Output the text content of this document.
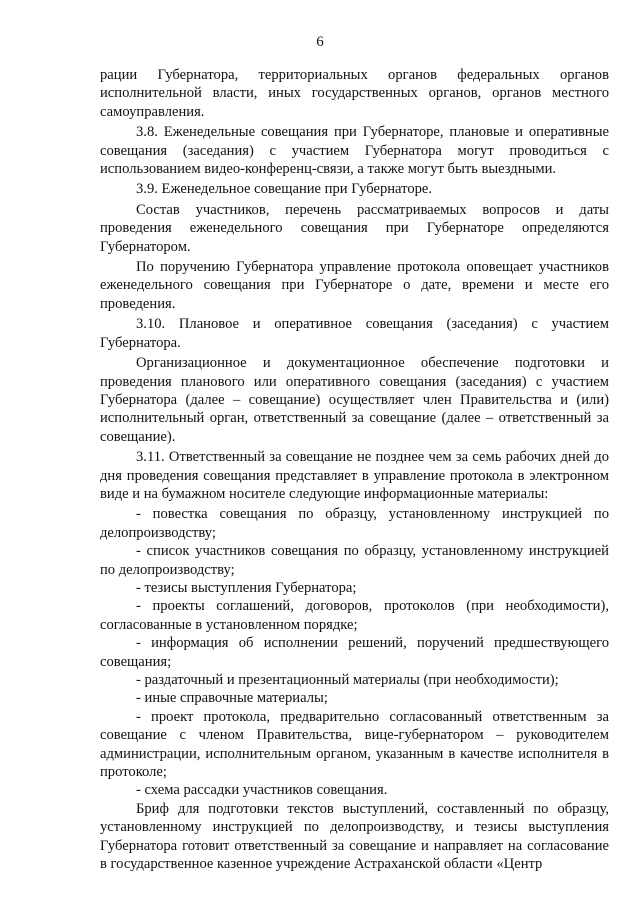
6

рации Губернатора, территориальных органов федеральных органов исполнительной власти, иных государственных органов, органов местного самоуправления.

3.8. Еженедельные совещания при Губернаторе, плановые и оперативные совещания (заседания) с участием Губернатора могут проводиться с использованием видео-конференц-связи, а также могут быть выездными.

3.9. Еженедельное совещание при Губернаторе.

Состав участников, перечень рассматриваемых вопросов и даты проведения еженедельного совещания при Губернаторе определяются Губернатором.

По поручению Губернатора управление протокола оповещает участников еженедельного совещания при Губернаторе о дате, времени и месте его проведения.

3.10. Плановое и оперативное совещания (заседания) с участием Губернатора.

Организационное и документационное обеспечение подготовки и проведения планового или оперативного совещания (заседания) с участием Губернатора (далее – совещание) осуществляет член Правительства и (или) исполнительный орган, ответственный за совещание (далее – ответственный за совещание).

3.11. Ответственный за совещание не позднее чем за семь рабочих дней до дня проведения совещания представляет в управление протокола в электронном виде и на бумажном носителе следующие информационные материалы:

- повестка совещания по образцу, установленному инструкцией по делопроизводству;

- список участников совещания по образцу, установленному инструкцией по делопроизводству;

- тезисы выступления Губернатора;

- проекты соглашений, договоров, протоколов (при необходимости), согласованные в установленном порядке;

- информация об исполнении решений, поручений предшествующего совещания;

- раздаточный и презентационный материалы (при необходимости);

- иные справочные материалы;

- проект протокола, предварительно согласованный ответственным за совещание с членом Правительства, вице-губернатором – руководителем администрации, исполнительным органом, указанным в качестве исполнителя в протоколе;

- схема рассадки участников совещания.

Бриф для подготовки текстов выступлений, составленный по образцу, установленному инструкцией по делопроизводству, и тезисы выступления Губернатора готовит ответственный за совещание и направляет на согласование в государственное казенное учреждение Астраханской области «Центр
